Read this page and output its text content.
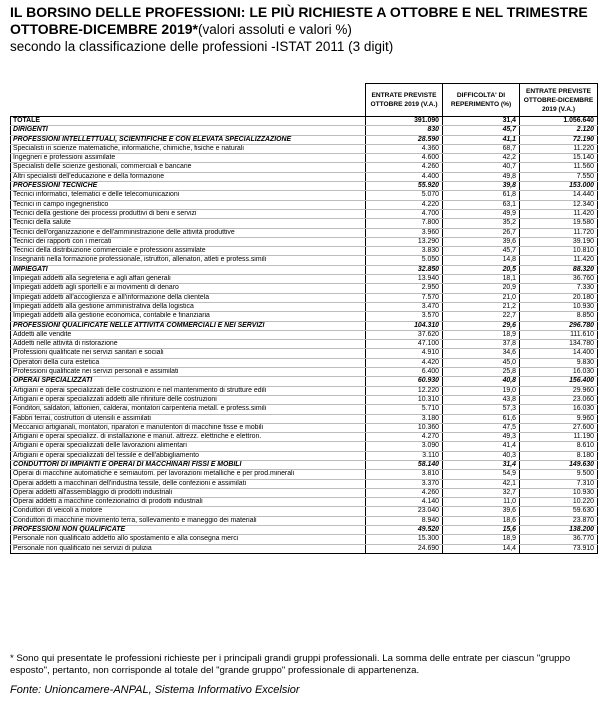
IL BORSINO DELLE PROFESSIONI: LE PIÙ RICHIESTE A OTTOBRE E NEL TRIMESTRE
OTTOBRE-DICEMBRE 2019*(valori assoluti e valori %)
secondo la classificazione delle professioni -ISTAT 2011 (3 digit)
	ENTRATE PREVISTE OTTOBRE 2019 (V.A.)	DIFFICOLTA' DI REPERIMENTO (%)	ENTRATE PREVISTE OTTOBRE-DICEMBRE 2019 (V.A.)
TOTALE	391.090	31,4	1.056.640
DIRIGENTI	830	45,7	2.120
PROFESSIONI INTELLETTUALI, SCIENTIFICHE E CON ELEVATA SPECIALIZZAZIONE	28.590	41,1	72.190
Specialisti in scienze matematiche, informatiche, chimiche, fisiche e naturali	4.360	68,7	11.220
Ingegneri e professioni assimilate	4.600	42,2	15.140
Specialisti delle scienze gestionali, commerciali e bancarie	4.260	40,7	11.560
Altri specialisti dell'educazione e della formazione	4.400	49,8	7.550
PROFESSIONI TECNICHE	55.920	39,8	153.000
Tecnici informatici, telematici e delle telecomunicazioni	5.070	61,8	14.440
Tecnici in campo ingegneristico	4.220	63,1	12.340
Tecnici della gestione dei processi produttivi di beni e servizi	4.700	49,9	11.420
Tecnici della salute	7.800	35,2	19.580
Tecnici dell'organizzazione e dell'amministrazione delle attività produttive	3.960	26,7	11.720
Tecnici dei rapporti con i mercati	13.290	39,6	39.190
Tecnici della distribuzione commerciale e professioni assimilate	3.830	45,7	10.810
Insegnanti nella formazione professionale, istruttori, allenatori, atleti e profess.simili	5.050	14,8	11.420
IMPIEGATI	32.850	20,5	88.320
Impiegati addetti alla segreteria e agli affari generali	13.940	18,1	36.760
Impiegati addetti agli sportelli e ai movimenti di denaro	2.950	20,9	7.330
Impiegati addetti all'accoglienza e all'informazione della clientela	7.570	21,0	20.180
Impiegati addetti alla gestione amministrativa della logistica	3.470	21,2	10.930
Impiegati addetti alla gestione economica, contabile e finanziaria	3.570	22,7	8.850
PROFESSIONI QUALIFICATE NELLE ATTIVITÀ COMMERCIALI E NEI SERVIZI	104.310	29,6	296.780
Addetti alle vendite	37.620	18,9	111.610
Addetti nelle attività di ristorazione	47.100	37,8	134.780
Professioni qualificate nei servizi sanitari e sociali	4.910	34,6	14.400
Operatori della cura estetica	4.420	45,0	9.830
Professioni qualificate nei servizi personali e assimilati	6.400	25,8	16.030
OPERAI SPECIALIZZATI	60.930	40,8	156.400
Artigiani e operai specializzati delle costruzioni e nel mantenimento di strutture edili	12.220	19,0	29.960
Artigiani e operai specializzati addetti alle rifiniture delle costruzioni	10.310	43,8	23.060
Fonditori, saldatori, lattonieri, calderai, montatori carpenteria metall. e profess.simili	5.710	57,3	16.030
Fabbri ferrai, costruttori di utensili e assimilati	3.180	61,6	9.960
Meccanici artigianali, montatori, riparatori e manutentori di macchine fisse e mobili	10.360	47,5	27.600
Artigiani e operai specializz. di installazione e manut. attrezz. elettriche e elettron.	4.270	49,3	11.190
Artigiani e operai specializzati delle lavorazioni alimentari	3.090	41,4	8.610
Artigiani e operai specializzati del tessile e dell'abbigliamento	3.110	40,3	8.180
CONDUTTORI DI IMPIANTI E OPERAI DI MACCHINARI FISSI E MOBILI	58.140	31,4	149.630
Operai di macchine automatiche e semiautom. per lavorazioni metalliche e per prod.minerali	3.810	54,9	9.500
Operai addetti a macchinari dell'industria tessile, delle confezioni e assimilati	3.370	42,1	7.310
Operai addetti all'assemblaggio di prodotti industriali	4.260	32,7	10.930
Operai addetti a macchine confezionatrici di prodotti industriali	4.140	11,0	10.220
Conduttori di veicoli a motore	23.040	39,6	59.630
Conduttori di macchine movimento terra, sollevamento e maneggio dei materiali	8.940	18,6	23.870
PROFESSIONI NON QUALIFICATE	49.520	15,6	138.200
Personale non qualificato addetto allo spostamento e alla consegna merci	15.300	18,9	36.770
Personale non qualificato nei servizi di pulizia	24.690	14,4	73.910
* Sono qui presentate le professioni richieste per i principali grandi gruppi professionali. La somma delle entrate per ciascun "gruppo esposto", pertanto, non corrisponde al totale del "grande gruppo" professionale di appartenenza.
Fonte: Unioncamere-ANPAL, Sistema Informativo Excelsior
